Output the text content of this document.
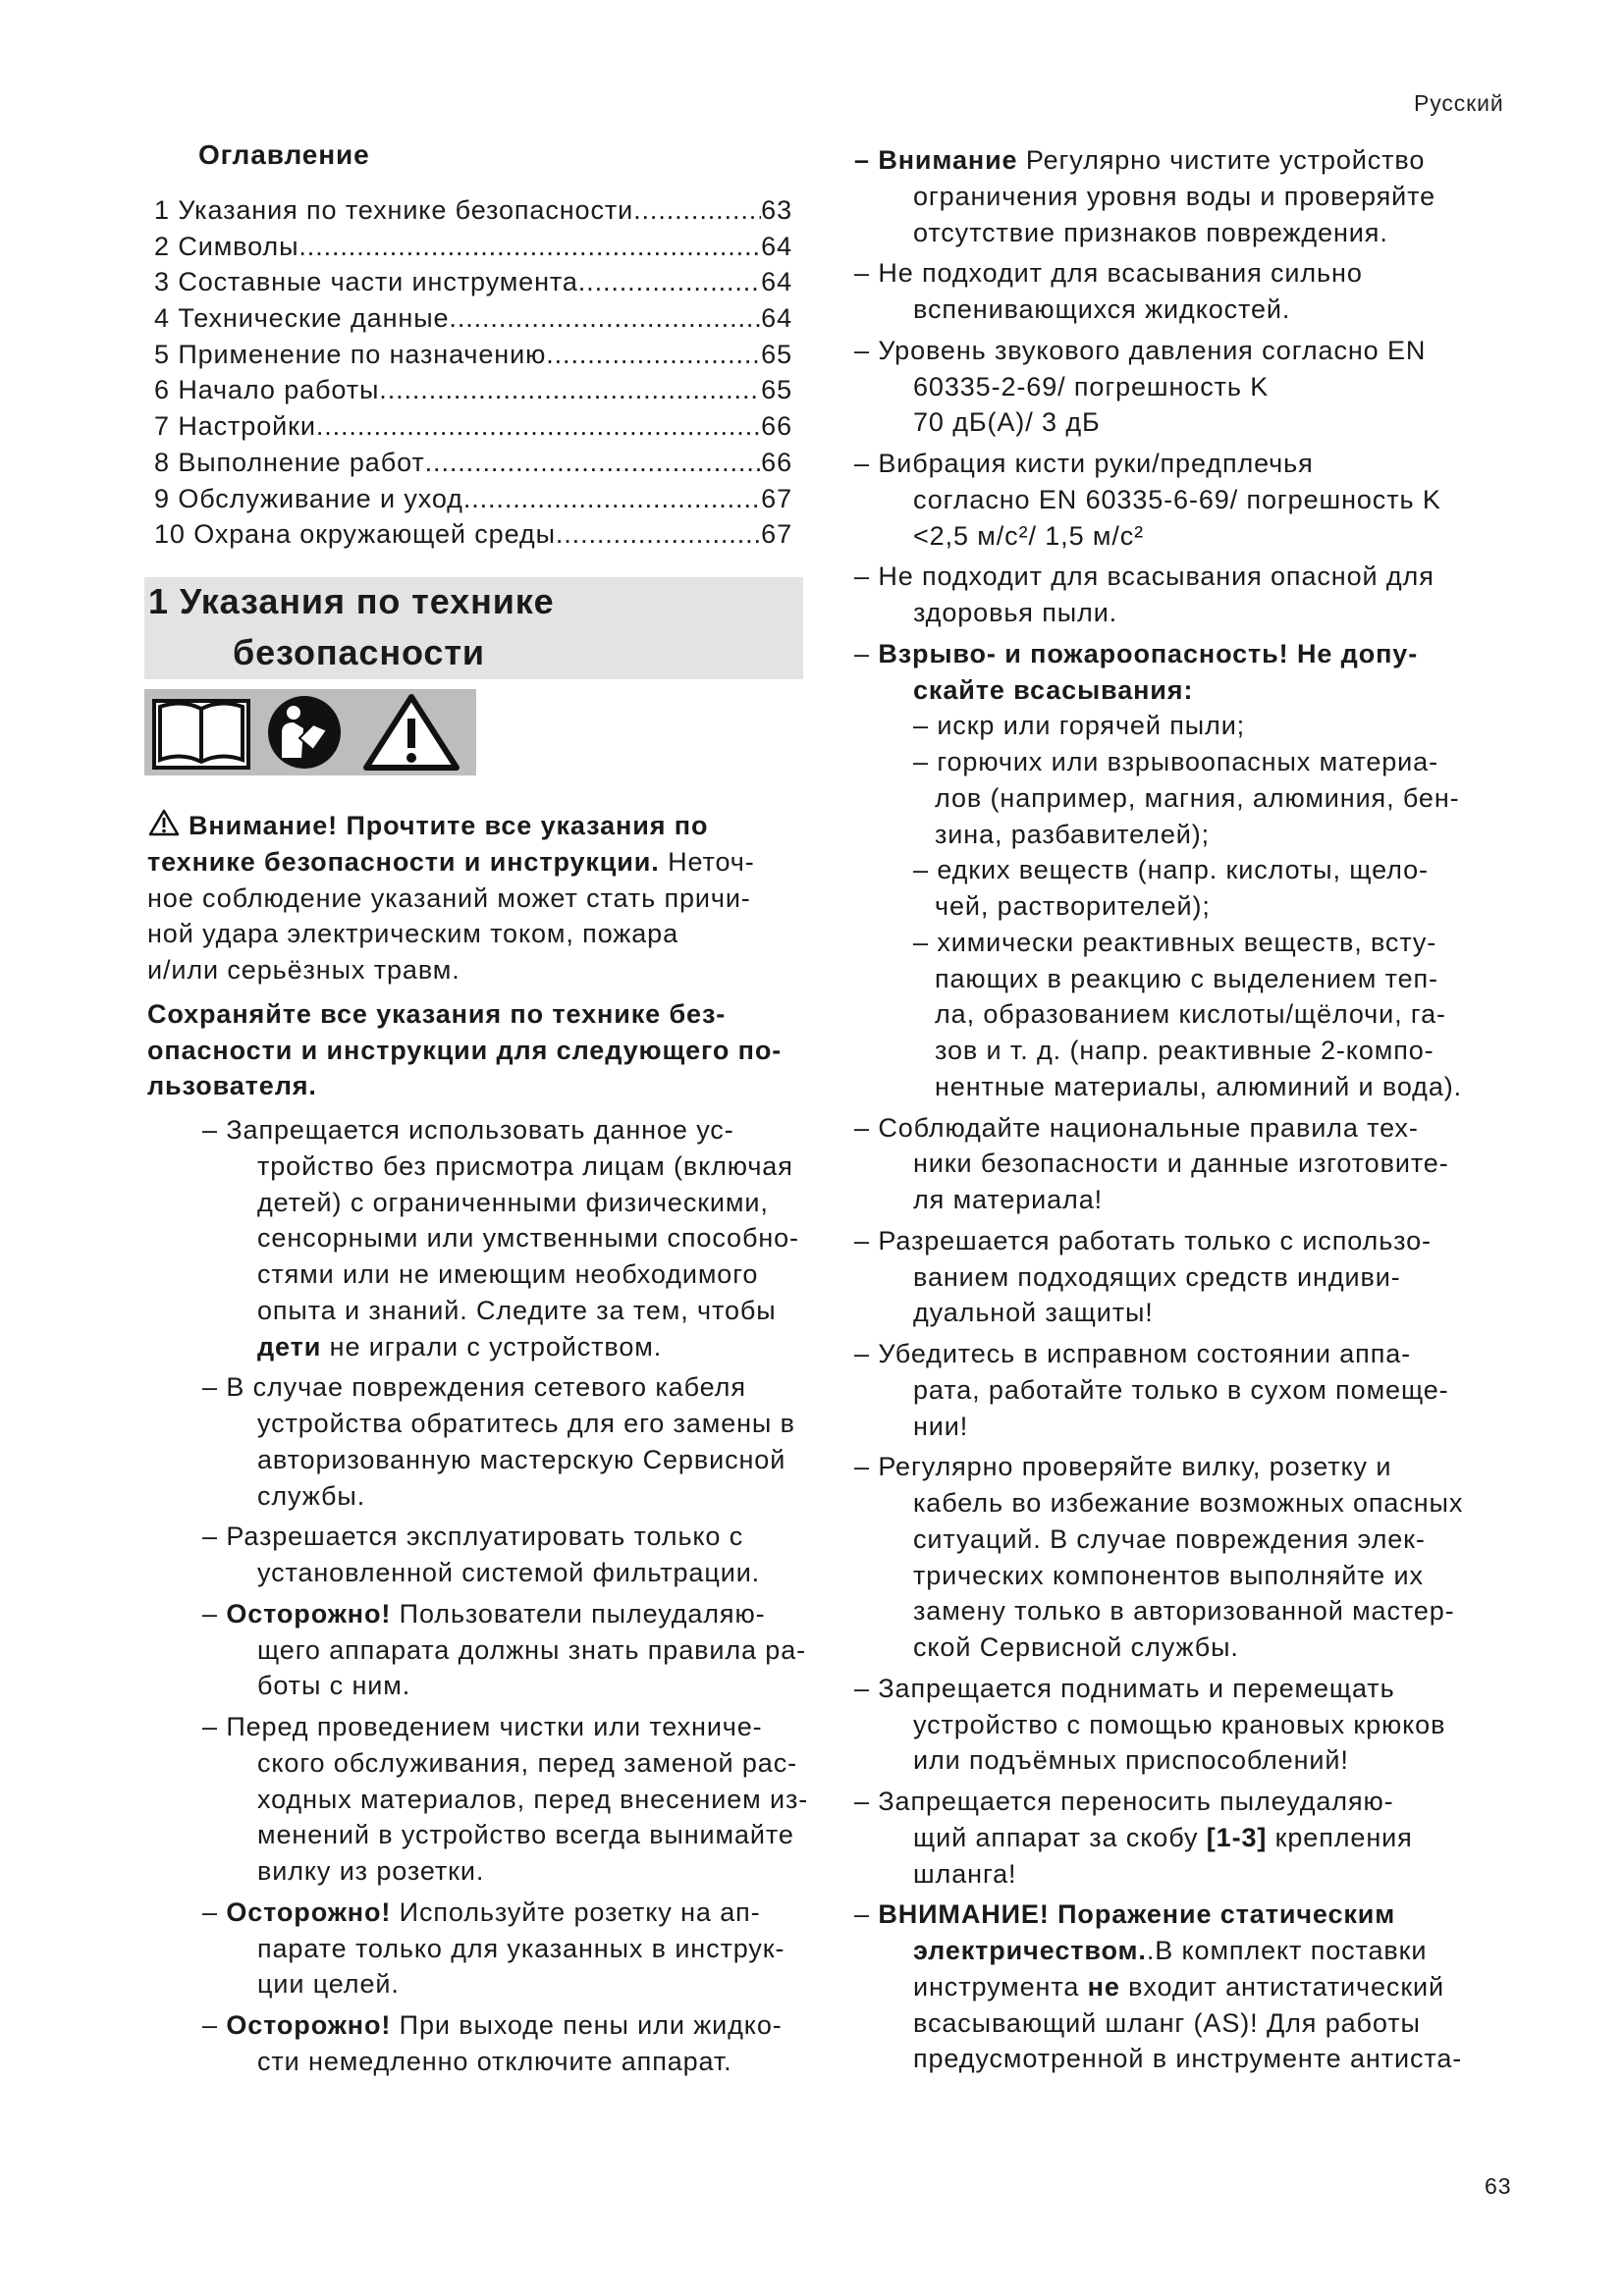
Русский
Оглавление
1 Указания по технике безопасности .....	63
2 Символы .....	64
3 Составные части инструмента .....	64
4 Технические данные .....	64
5 Применение по назначению .....	65
6 Начало работы .....	65
7 Настройки .....	66
8 Выполнение работ .....	66
9 Обслуживание и уход .....	67
10 Охрана окружающей среды .....	67
1 Указания по технике
безопасности
Внимание! Прочтите все указания по
технике безопасности и инструкции. Неточ-
ное соблюдение указаний может стать причи-
ной удара электрическим током, пожара
и/или серьёзных травм.
Сохраняйте все указания по технике без-
опасности и инструкции для следующего по-
льзователя.
– Запрещается использовать данное ус-
тройство без присмотра лицам (включая
детей) с ограниченными физическими,
сенсорными или умственными способно-
стями или не имеющим необходимого
опыта и знаний. Следите за тем, чтобы
дети не играли с устройством.
– В случае повреждения сетевого кабеля
устройства обратитесь для его замены в
авторизованную мастерскую Сервисной
службы.
– Разрешается эксплуатировать только с
установленной системой фильтрации.
– Осторожно! Пользователи пылеудаляю-
щего аппарата должны знать правила ра-
боты с ним.
– Перед проведением чистки или техниче-
ского обслуживания, перед заменой рас-
ходных материалов, перед внесением из-
менений в устройство всегда вынимайте
вилку из розетки.
– Осторожно! Используйте розетку на ап-
парате только для указанных в инструк-
ции целей.
– Осторожно! При выходе пены или жидко-
сти немедленно отключите аппарат.
– Внимание Регулярно чистите устройство
ограничения уровня воды и проверяйте
отсутствие признаков повреждения.
– Не подходит для всасывания сильно
вспенивающихся жидкостей.
– Уровень звукового давления согласно EN
60335-2-69/ погрешность K
70 дБ(A)/ 3 дБ
– Вибрация кисти руки/предплечья
согласно EN 60335-6-69/ погрешность K
<2,5 м/c²/ 1,5 м/c²
– Не подходит для всасывания опасной для
здоровья пыли.
– Взрыво- и пожароопасность! Не допу-
скайте всасывания:
– искр или горячей пыли;
– горючих или взрывоопасных материа-
лов (например, магния, алюминия, бен-
зина, разбавителей);
– едких веществ (напр. кислоты, щело-
чей, растворителей);
– химически реактивных веществ, всту-
пающих в реакцию с выделением теп-
ла, образованием кислоты/щёлочи, га-
зов и т. д. (напр. реактивные 2-компо-
нентные материалы, алюминий и вода).
– Соблюдайте национальные правила тех-
ники безопасности и данные изготовите-
ля материала!
– Разрешается работать только с использо-
ванием подходящих средств индиви-
дуальной защиты!
– Убедитесь в исправном состоянии аппа-
рата, работайте только в сухом помеще-
нии!
– Регулярно проверяйте вилку, розетку и
кабель во избежание возможных опасных
ситуаций. В случае повреждения элек-
трических компонентов выполняйте их
замену только в авторизованной мастер-
ской Сервисной службы.
– Запрещается поднимать и перемещать
устройство с помощью крановых крюков
или подъёмных приспособлений!
– Запрещается переносить пылеудаляю-
щий аппарат за скобу [1-3] крепления
шланга!
– ВНИМАНИЕ! Поражение статическим
электричеством..В комплект поставки
инструмента не входит антистатический
всасывающий шланг (AS)! Для работы
предусмотренной в инструменте антиста-
63
